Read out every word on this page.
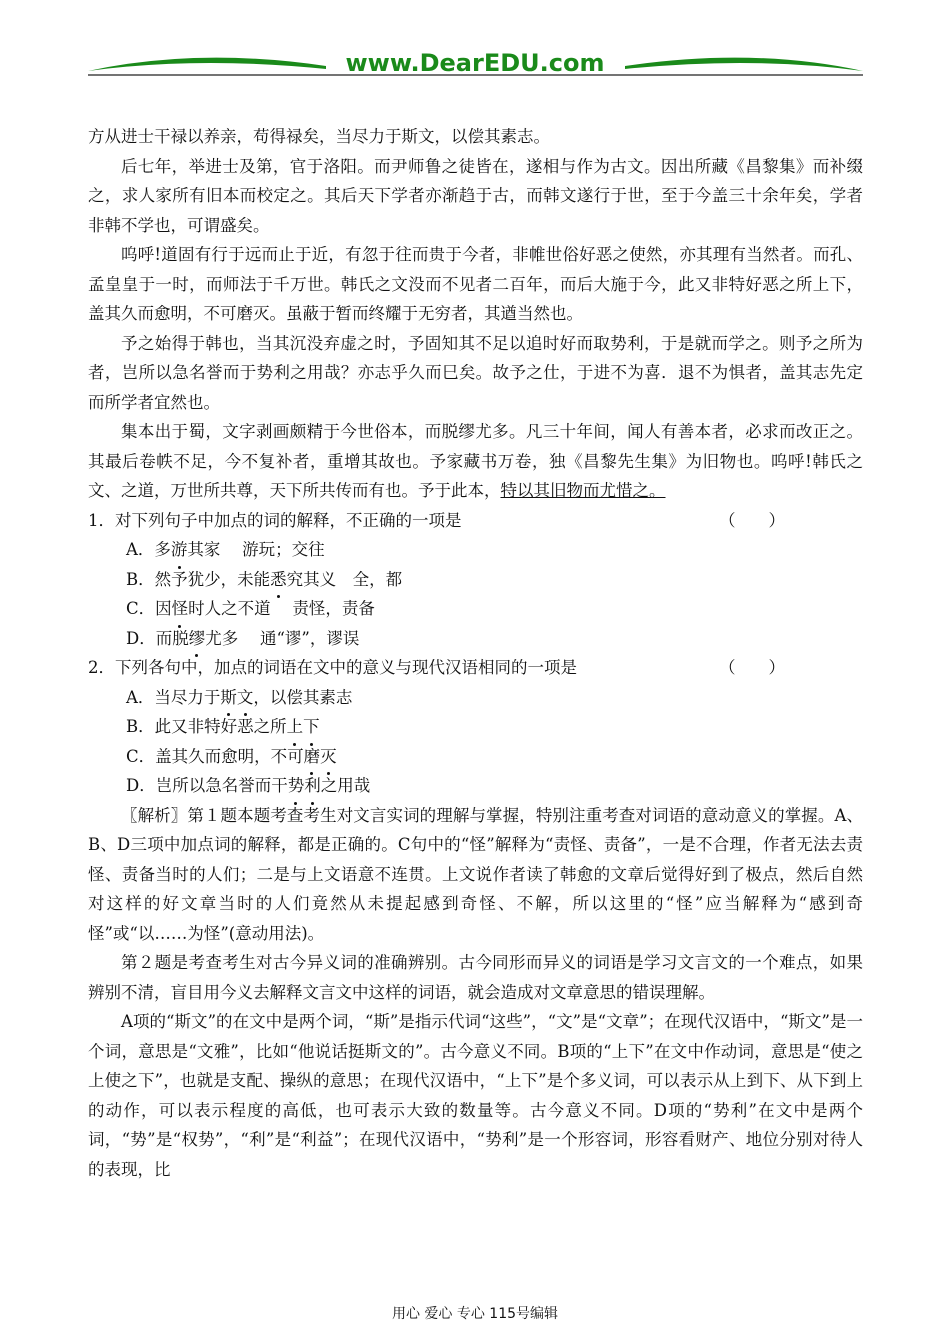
www.DearEDU.com

方从进士干禄以养亲，苟得禄矣，当尽力于斯文，以偿其素志。

后七年，举进士及第，官于洛阳。而尹师鲁之徒皆在，遂相与作为古文。因出所藏《昌黎集》而补缀之，求人家所有旧本而校定之。其后天下学者亦渐趋于古，而韩文遂行于世，至于今盖三十余年矣，学者非韩不学也，可谓盛矣。

呜呼!道固有行于远而止于近，有忽于往而贵于今者，非帷世俗好恶之使然，亦其理有当然者。而孔、孟皇皇于一时，而师法于千万世。韩氏之文没而不见者二百年，而后大施于今，此又非特好恶之所上下，盖其久而愈明，不可磨灭。虽蔽于暂而终耀于无穷者，其遒当然也。

予之始得于韩也，当其沉没弃虚之时，予固知其不足以追时好而取势利，于是就而学之。则予之所为者，岂所以急名誉而于势利之用哉？亦志乎久而巳矣。故予之仕，于进不为喜．退不为惧者，盖其志先定而所学者宜然也。

集本出于蜀，文字剥画颇精于今世俗本，而脱缪尤多。凡三十年间，闻人有善本者，必求而改正之。其最后卷帙不足，今不复补者，重增其故也。予家藏书万卷，独《昌黎先生集》为旧物也。呜呼!韩氏之文、之道，万世所共尊，天下所共传而有也。予于此本，特以其旧物而尤惜之。

1．对下列句子中加点的词的解释，不正确的一项是	（　　）

A．多游其家　 游玩；交往

B．然予犹少，未能悉究其义　全，都

C．因怪时人之不道　 责怪，责备

D．而脱缪尤多　 通“谬”，谬误

2．下列各句中，加点的词语在文中的意义与现代汉语相同的一项是	（　　）

A．当尽力于斯文，以偿其素志

B．此又非特好恶之所上下

C．盖其久而愈明，不可磨灭

D．岂所以急名誉而干势利之用哉

〖解析〗第１题本题考查考生对文言实词的理解与掌握，特别注重考查对词语的意动意义的掌握。A、B、D三项中加点词的解释，都是正确的。C句中的“怪”解释为“责怪、责备”，一是不合理，作者无法去责怪、责备当时的人们；二是与上文语意不连贯。上文说作者读了韩愈的文章后觉得好到了极点，然后自然对这样的好文章当时的人们竟然从未提起感到奇怪、不解，所以这里的“怪”应当解释为“感到奇怪”或“以……为怪”(意动用法)。

第２题是考查考生对古今异义词的准确辨别。古今同形而异义的词语是学习文言文的一个难点，如果辨别不清，盲目用今义去解释文言文中这样的词语，就会造成对文章意思的错误理解。

A项的“斯文”的在文中是两个词，“斯”是指示代词“这些”，“文”是“文章”；在现代汉语中，“斯文”是一个词，意思是“文雅”，比如“他说话挺斯文的”。古今意义不同。B项的“上下”在文中作动词，意思是“使之上使之下”，也就是支配、操纵的意思；在现代汉语中，“上下”是个多义词，可以表示从上到下、从下到上的动作，可以表示程度的高低，也可表示大致的数量等。古今意义不同。D项的“势利”在文中是两个词，“势”是“权势”，“利”是“利益”；在现代汉语中，“势利”是一个形容词，形容看财产、地位分别对待人的表现，比

用心 爱心 专心 115号编辑
